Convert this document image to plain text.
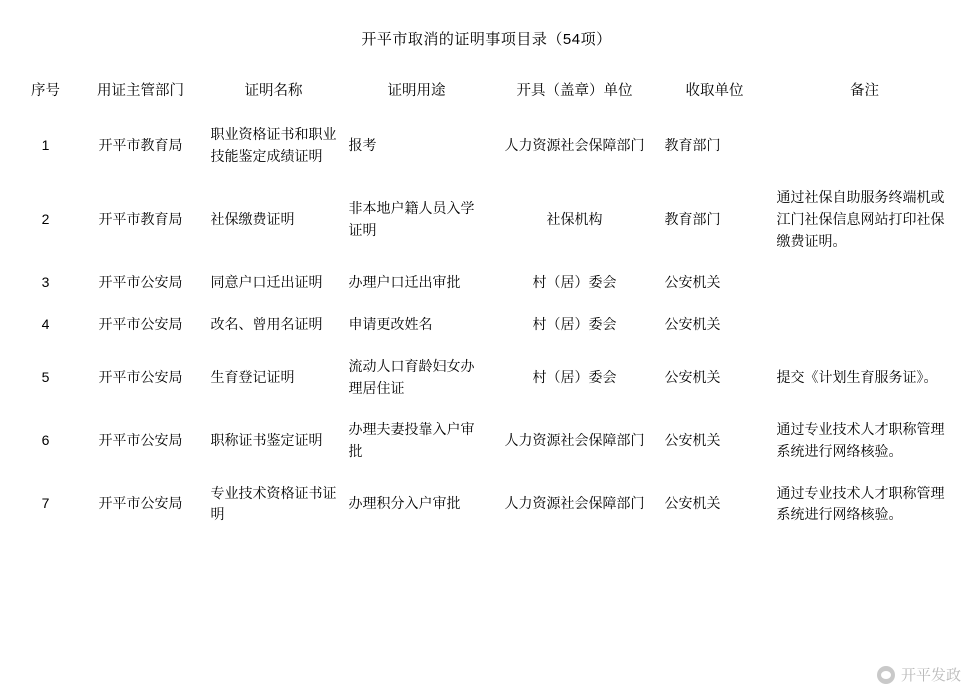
开平市取消的证明事项目录（54项）
序号	用证主管部门	证明名称	证明用途	开具（盖章）单位	收取单位	备注
1	开平市教育局	职业资格证书和职业技能鉴定成绩证明	报考	人力资源社会保障部门	教育部门	
2	开平市教育局	社保缴费证明	非本地户籍人员入学证明	社保机构	教育部门	通过社保自助服务终端机或江门社保信息网站打印社保缴费证明。
3	开平市公安局	同意户口迁出证明	办理户口迁出审批	村（居）委会	公安机关	
4	开平市公安局	改名、曾用名证明	申请更改姓名	村（居）委会	公安机关	
5	开平市公安局	生育登记证明	流动人口育龄妇女办理居住证	村（居）委会	公安机关	提交《计划生育服务证》。
6	开平市公安局	职称证书鉴定证明	办理夫妻投靠入户审批	人力资源社会保障部门	公安机关	通过专业技术人才职称管理系统进行网络核验。
7	开平市公安局	专业技术资格证书证明	办理积分入户审批	人力资源社会保障部门	公安机关	通过专业技术人才职称管理系统进行网络核验。
开平发政
